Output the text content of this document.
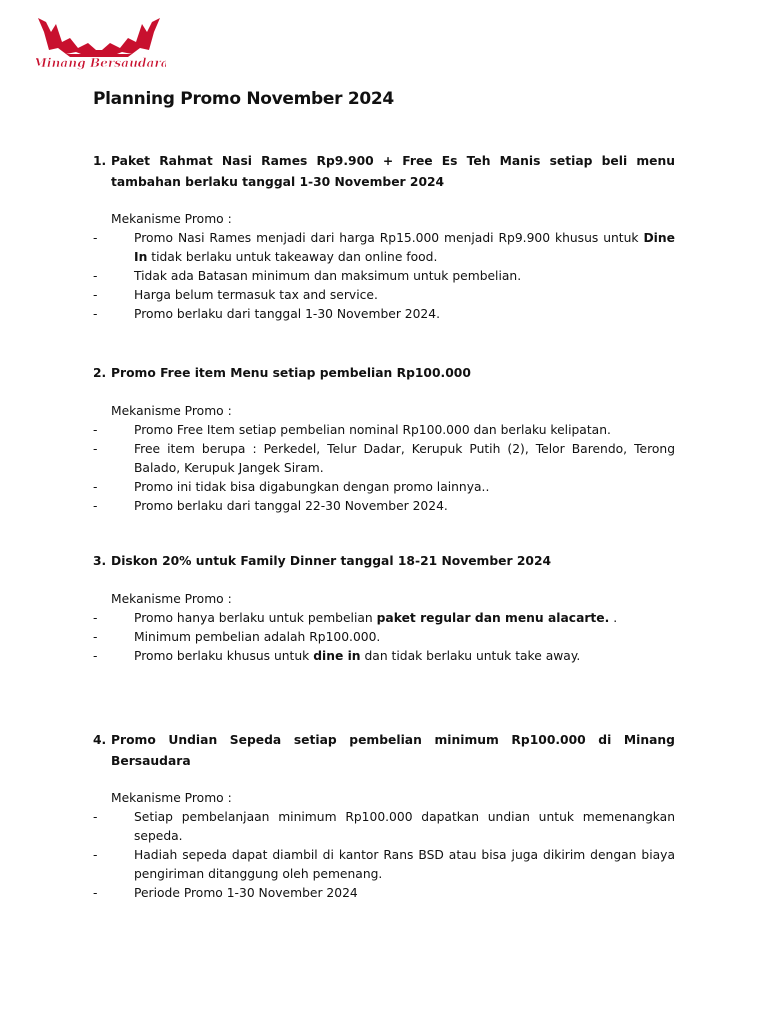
Minang Bersaudara
Planning Promo November 2024
1. Paket Rahmat Nasi Rames Rp9.900 + Free Es Teh Manis setiap beli menu tambahan berlaku tanggal 1-30 November 2024
Mekanisme Promo :
-	Promo Nasi Rames menjadi dari harga Rp15.000 menjadi Rp9.900 khusus untuk Dine In tidak berlaku untuk takeaway dan online food.
-	Tidak ada Batasan minimum dan maksimum untuk pembelian.
-	Harga belum termasuk tax and service.
-	Promo berlaku dari tanggal 1-30 November 2024.
2. Promo Free item Menu setiap pembelian Rp100.000
Mekanisme Promo :
-	Promo Free Item setiap pembelian nominal Rp100.000 dan berlaku kelipatan.
-	Free item berupa : Perkedel, Telur Dadar, Kerupuk Putih (2), Telor Barendo, Terong Balado, Kerupuk Jangek Siram.
-	Promo ini tidak bisa digabungkan dengan promo lainnya..
-	Promo berlaku dari tanggal 22-30 November 2024.
3. Diskon 20% untuk Family Dinner tanggal 18-21 November 2024
Mekanisme Promo :
-	Promo hanya berlaku untuk pembelian paket regular dan menu alacarte. .
-	Minimum pembelian adalah Rp100.000.
-	Promo berlaku khusus untuk dine in dan tidak berlaku untuk take away.
4. Promo Undian Sepeda setiap pembelian minimum Rp100.000 di Minang Bersaudara
Mekanisme Promo :
-	Setiap pembelanjaan minimum Rp100.000 dapatkan undian untuk memenangkan sepeda.
-	Hadiah sepeda dapat diambil di kantor Rans BSD atau bisa juga dikirim dengan biaya pengiriman ditanggung oleh pemenang.
-	Periode Promo 1-30 November 2024
